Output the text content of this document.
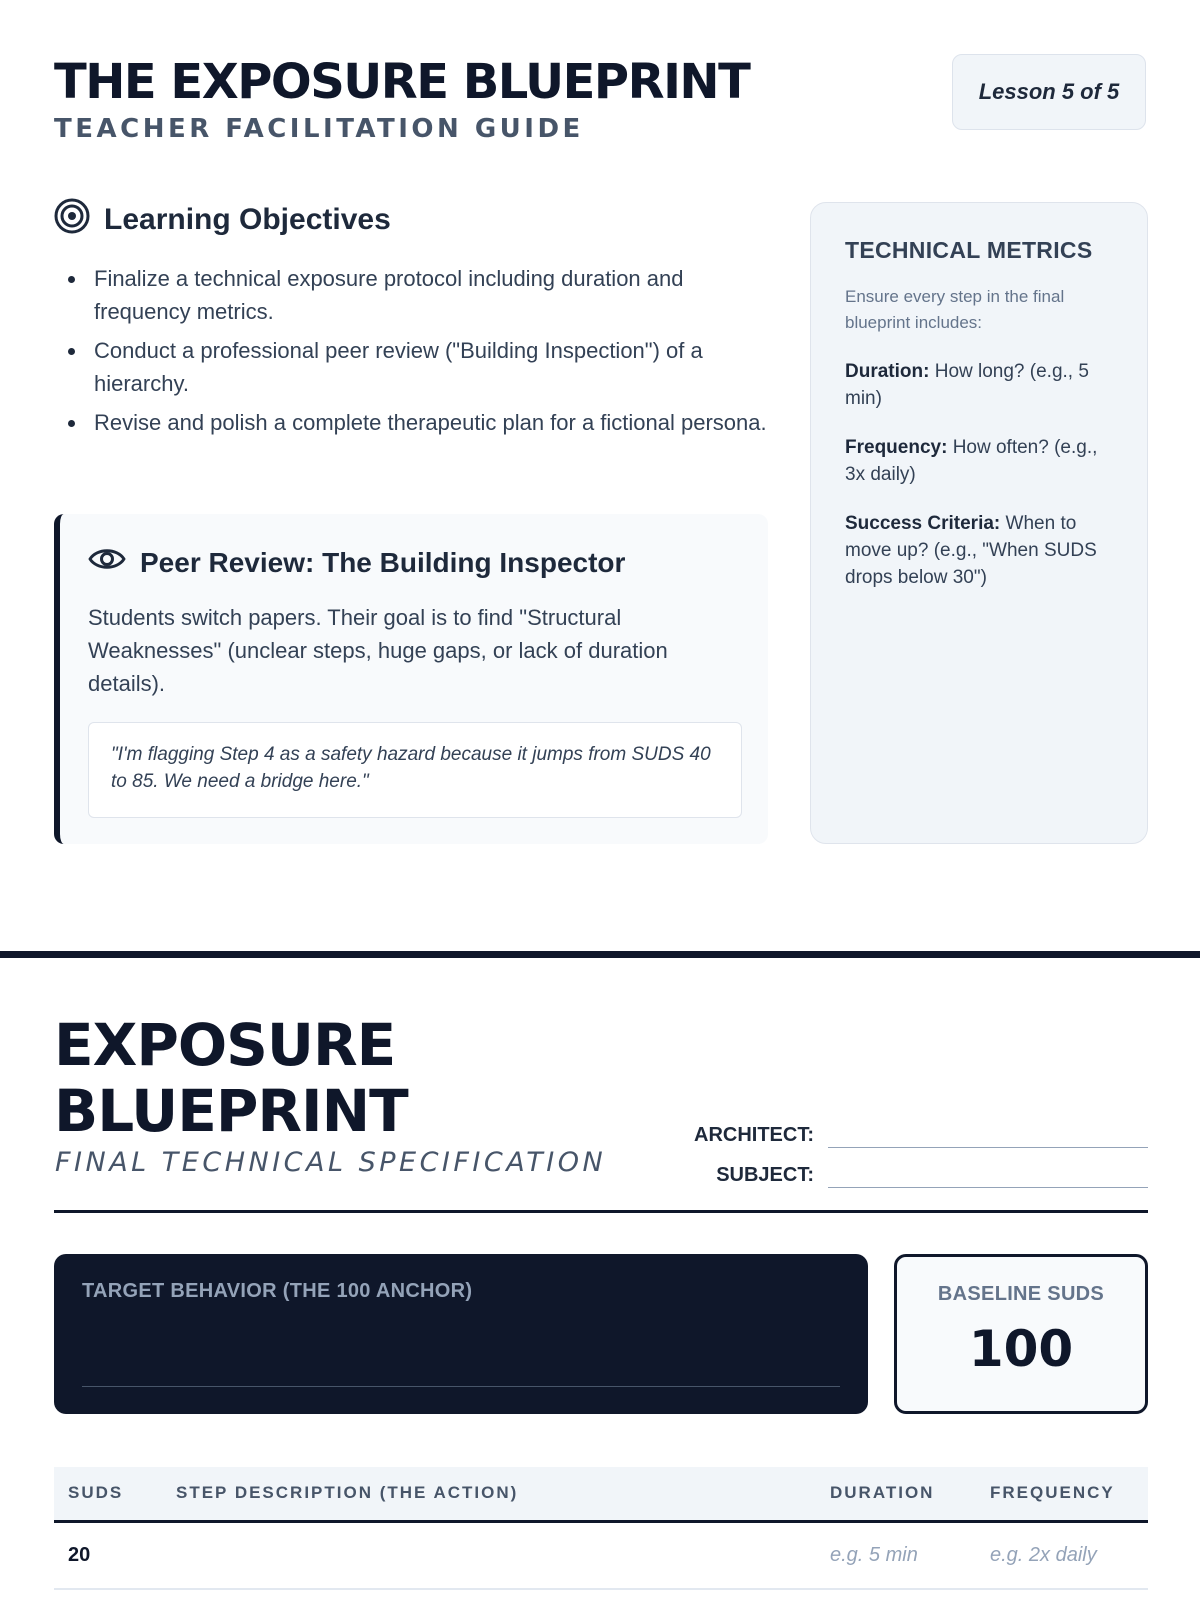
THE EXPOSURE BLUEPRINT
TEACHER FACILITATION GUIDE
Lesson 5 of 5
Learning Objectives
Finalize a technical exposure protocol including duration and frequency metrics.
Conduct a professional peer review ("Building Inspection") of a hierarchy.
Revise and polish a complete therapeutic plan for a fictional persona.
Peer Review: The Building Inspector

Students switch papers. Their goal is to find "Structural Weaknesses" (unclear steps, huge gaps, or lack of duration details).

"I'm flagging Step 4 as a safety hazard because it jumps from SUDS 40 to 85. We need a bridge here."
TECHNICAL METRICS

Ensure every step in the final blueprint includes:

Duration: How long? (e.g., 5 min)

Frequency: How often? (e.g., 3x daily)

Success Criteria: When to move up? (e.g., "When SUDS drops below 30")

EXPOSURE
BLUEPRINT
FINAL TECHNICAL SPECIFICATION
ARCHITECT:
SUBJECT:
TARGET BEHAVIOR (THE 100 ANCHOR)	BASELINE SUDS
100
SUDS	STEP DESCRIPTION (THE ACTION)	DURATION	FREQUENCY
20		e.g. 5 min	e.g. 2x daily
